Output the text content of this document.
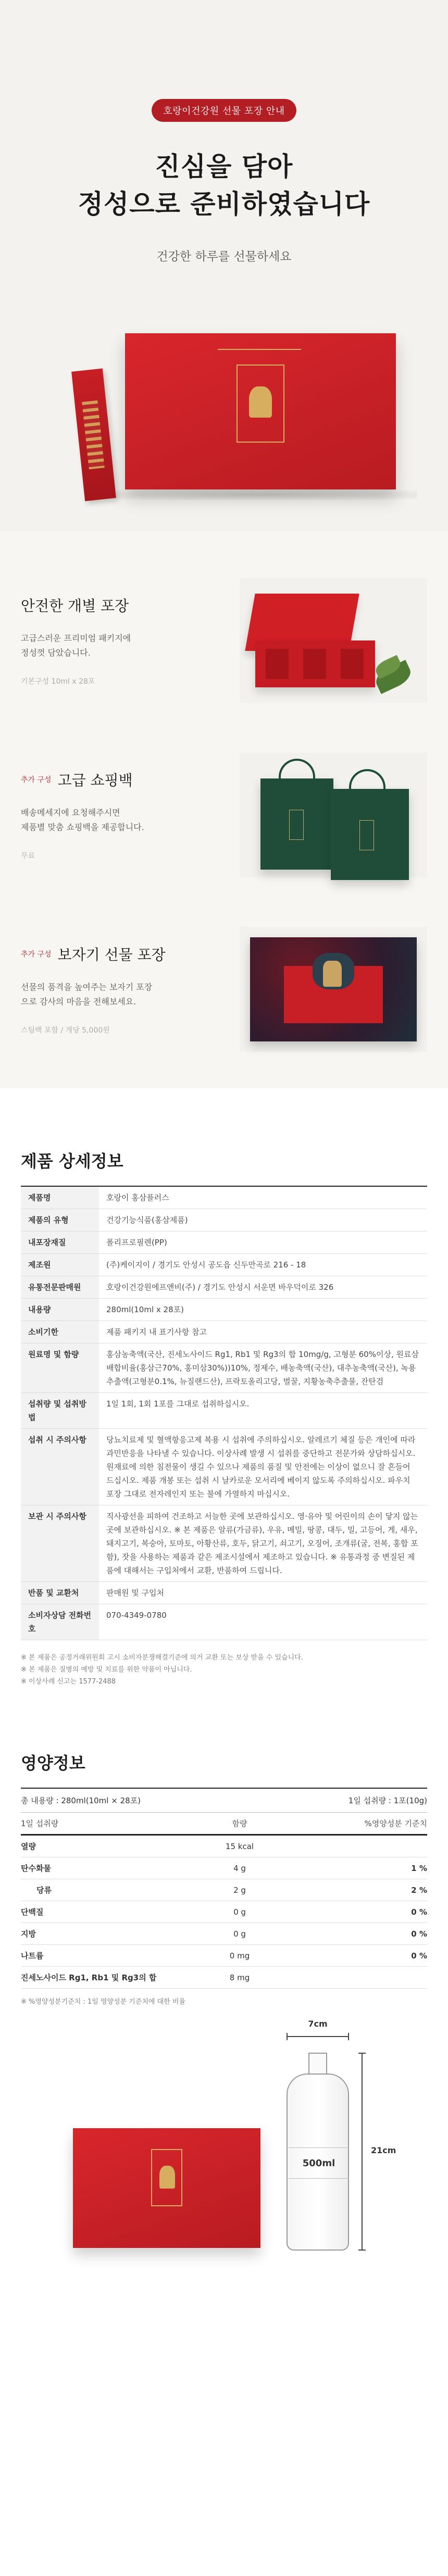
호랑이건강원 선물 포장 안내
진심을 담아
정성으로 준비하였습니다

건강한 하루를 선물하세요

안전한 개별 포장

고급스러운 프리미엄 패키지에
정성껏 담았습니다.

기본구성 10ml x 28포

추가 구성 고급 쇼핑백

배송메세지에 요청해주시면
제품별 맞춤 쇼핑백을 제공합니다.

무료

추가 구성 보자기 선물 포장

선물의 품격을 높여주는 보자기 포장
으로 감사의 마음을 전해보세요.

스팀백 포함 / 개당 5,000원

제품 상세정보
제품명	호랑이 홍삼플러스
제품의 유형	건강기능식품(홍삼제품)
내포장재질	폴리프로필렌(PP)
제조원	(주)케이지이 / 경기도 안성시 공도읍 신두만곡로 216 - 18
유통전문판매원	호랑이건강원에프앤비(주) / 경기도 안성시 서운면 바우덕이로 326
내용량	280ml(10ml x 28포)
소비기한	제품 패키지 내 표기사항 참고
원료명 및 함량	홍삼농축액(국산, 진세노사이드 Rg1, Rb1 및 Rg3의 합 10mg/g, 고형분 60%이상, 원료삼배합비율(홍삼근70%, 홍미삼30%))10%, 정제수, 배농축액(국산), 대추농축액(국산), 녹용추출액(고형분0.1%, 뉴질랜드산), 프락토올리고당, 벌꿀, 지황농축추출물, 잔탄검
섭취량 및 섭취방법	1일 1회, 1회 1포를 그대로 섭취하십시오.
섭취 시 주의사항	당뇨치료제 및 혈액항응고제 복용 시 섭취에 주의하십시오. 알레르기 체질 등은 개인에 따라 과민반응을 나타낼 수 있습니다. 이상사례 발생 시 섭취를 중단하고 전문가와 상담하십시오. 원재료에 의한 침전물이 생길 수 있으나 제품의 품질 및 안전에는 이상이 없으니 잘 흔들어 드십시오. 제품 개봉 또는 섭취 시 날카로운 모서리에 베이지 않도록 주의하십시오. 파우치 포장 그대로 전자레인지 또는 불에 가열하지 마십시오.
보관 시 주의사항	직사광선을 피하여 건조하고 서늘한 곳에 보관하십시오. 영·유아 및 어린이의 손이 닿지 않는 곳에 보관하십시오. ※ 본 제품은 알류(가금류), 우유, 메밀, 땅콩, 대두, 밀, 고등어, 게, 새우, 돼지고기, 복숭아, 토마토, 아황산류, 호두, 닭고기, 쇠고기, 오징어, 조개류(굴, 전복, 홍합 포함), 잣을 사용하는 제품과 같은 제조시설에서 제조하고 있습니다. ※ 유통과정 중 변질된 제품에 대해서는 구입처에서 교환, 반품하여 드립니다.
반품 및 교환처	판매원 및 구입처
소비자상담 전화번호	070-4349-0780

※ 본 제품은 공정거래위원회 고시 소비자분쟁해결기준에 의거 교환 또는 보상 받을 수 있습니다.

※ 본 제품은 질병의 예방 및 치료를 위한 약품이 아닙니다.

※ 이상사례 신고는 1577-2488

영양정보
총 내용량 : 280ml(10ml × 28포)	1일 섭취량 : 1포(10g)
1일 섭취량	함량	%영양성분 기준치
열량	15 kcal	
탄수화물	4 g	1 %
당류	2 g	2 %
단백질	0 g	0 %
지방	0 g	0 %
나트륨	0 mg	0 %
진세노사이드 Rg1, Rb1 및 Rg3의 합	8 mg	

※ %영양성분기준치 : 1일 영양성분 기준치에 대한 비율

7cm
500ml
21cm
